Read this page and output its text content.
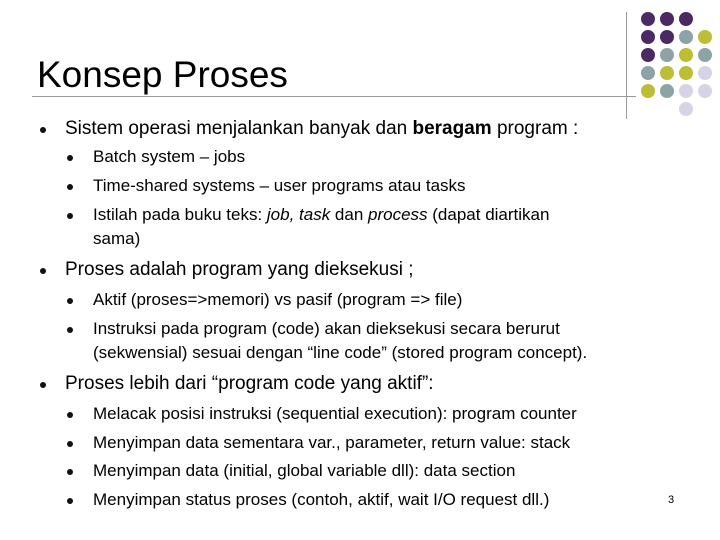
Konsep Proses
Sistem operasi menjalankan banyak dan beragam program :
Batch system – jobs
Time-shared systems – user programs atau tasks
Istilah pada buku teks: job, task dan process (dapat diartikan
sama)
Proses adalah program yang dieksekusi ;
Aktif (proses=>memori) vs pasif (program => file)
Instruksi pada program (code) akan dieksekusi secara berurut
(sekwensial) sesuai dengan “line code” (stored program concept).
Proses lebih dari “program code yang aktif”:
Melacak posisi instruksi (sequential execution): program counter
Menyimpan data sementara var., parameter, return value: stack
Menyimpan data (initial, global variable dll): data section
Menyimpan status proses (contoh, aktif, wait I/O request dll.)	3
